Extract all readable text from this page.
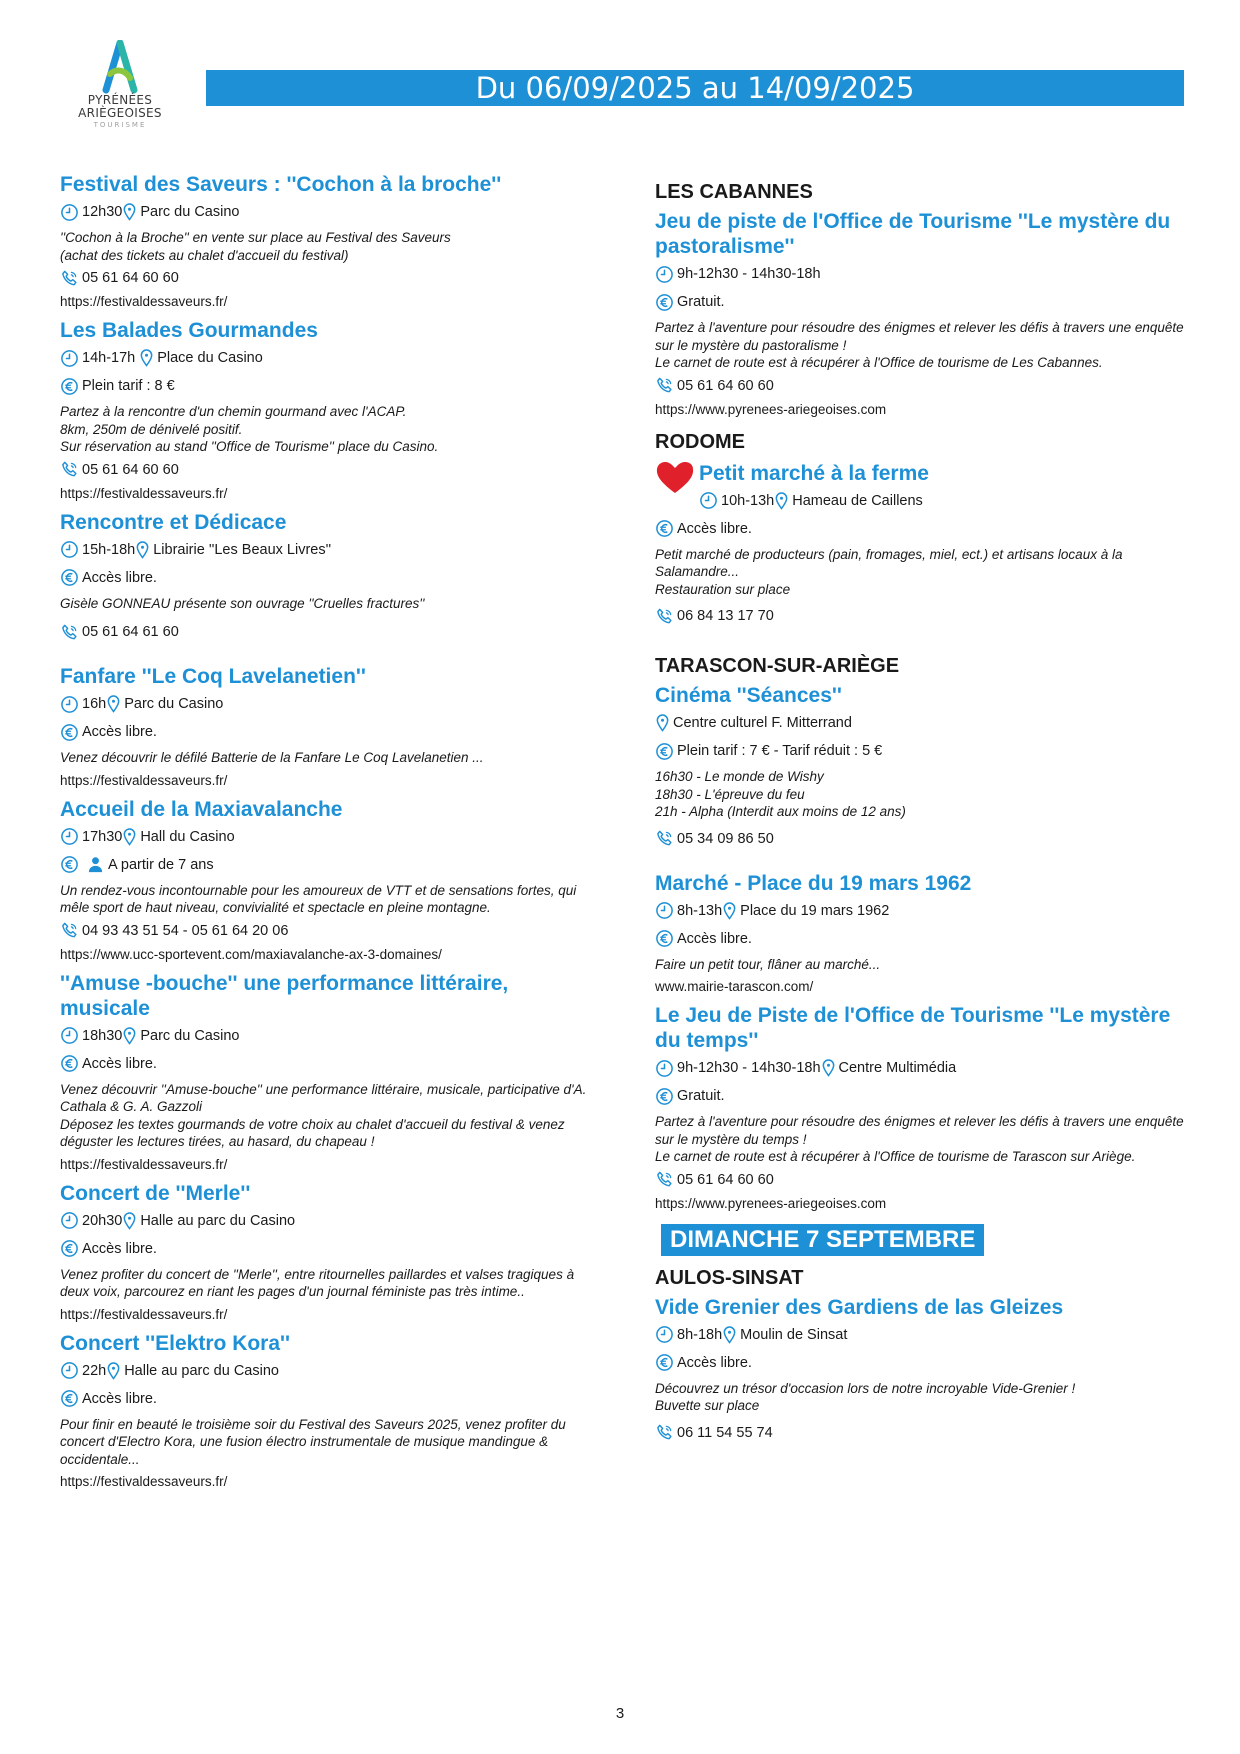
PYRÉNÉES
ARIÈGEOISES
TOURISME
Du 06/09/2025 au 14/09/2025
Festival des Saveurs : ''Cochon à la broche''
12h30 Parc du Casino
''Cochon à la Broche'' en vente sur place au Festival des Saveurs
(achat des tickets au chalet d'accueil du festival)
05 61 64 60 60
https://festivaldessaveurs.fr/
Les Balades Gourmandes
14h-17h Place du Casino
Plein tarif : 8 €
Partez à la rencontre d'un chemin gourmand avec l'ACAP.
8km, 250m de dénivelé positif.
Sur réservation au stand ''Office de Tourisme'' place du Casino.
05 61 64 60 60
https://festivaldessaveurs.fr/
Rencontre et Dédicace
15h-18h Librairie ''Les Beaux Livres''
Accès libre.
Gisèle GONNEAU présente son ouvrage ''Cruelles fractures''
05 61 64 61 60
Fanfare ''Le Coq Lavelanetien''
16h Parc du Casino
Accès libre.
Venez découvrir le défilé Batterie de la Fanfare Le Coq Lavelanetien ...
https://festivaldessaveurs.fr/
Accueil de la Maxiavalanche
17h30 Hall du Casino
A partir de 7 ans
Un rendez-vous incontournable pour les amoureux de VTT et de sensations fortes, qui
mêle sport de haut niveau, convivialité et spectacle en pleine montagne.
04 93 43 51 54 - 05 61 64 20 06
https://www.ucc-sportevent.com/maxiavalanche-ax-3-domaines/
''Amuse -bouche'' une performance littéraire, musicale
18h30 Parc du Casino
Accès libre.
Venez découvrir ''Amuse-bouche'' une performance littéraire, musicale, participative d'A.
Cathala & G. A. Gazzoli
Déposez les textes gourmands de votre choix au chalet d'accueil du festival & venez
déguster les lectures tirées, au hasard, du chapeau !
https://festivaldessaveurs.fr/
Concert de ''Merle''
20h30 Halle au parc du Casino
Accès libre.
Venez profiter du concert de ''Merle'', entre ritournelles paillardes et valses tragiques à
deux voix, parcourez en riant les pages d'un journal féministe pas très intime..
https://festivaldessaveurs.fr/
Concert ''Elektro Kora''
22h Halle au parc du Casino
Accès libre.
Pour finir en beauté le troisième soir du Festival des Saveurs 2025, venez profiter du
concert d'Electro Kora, une fusion électro instrumentale de musique mandingue &
occidentale...
https://festivaldessaveurs.fr/
LES CABANNES
Jeu de piste de l'Office de Tourisme ''Le mystère du pastoralisme''
9h-12h30 - 14h30-18h
Gratuit.
Partez à l'aventure pour résoudre des énigmes et relever les défis à travers une enquête
sur le mystère du pastoralisme !
Le carnet de route est à récupérer à l'Office de tourisme de Les Cabannes.
05 61 64 60 60
https://www.pyrenees-ariegeoises.com
RODOME
Petit marché à la ferme
10h-13h Hameau de Caillens
Accès libre.
Petit marché de producteurs (pain, fromages, miel, ect.) et artisans locaux à la
Salamandre...
Restauration sur place
06 84 13 17 70
TARASCON-SUR-ARIÈGE
Cinéma ''Séances''
Centre culturel F. Mitterrand
Plein tarif : 7 € - Tarif réduit : 5 €
16h30 - Le monde de Wishy
18h30 - L'épreuve du feu
21h - Alpha (Interdit aux moins de 12 ans)
05 34 09 86 50
Marché - Place du 19 mars 1962
8h-13h Place du 19 mars 1962
Accès libre.
Faire un petit tour, flâner au marché...
www.mairie-tarascon.com/
Le Jeu de Piste de l'Office de Tourisme ''Le mystère du temps''
9h-12h30 - 14h30-18h Centre Multimédia
Gratuit.
Partez à l'aventure pour résoudre des énigmes et relever les défis à travers une enquête
sur le mystère du temps !
Le carnet de route est à récupérer à l'Office de tourisme de Tarascon sur Ariège.
05 61 64 60 60
https://www.pyrenees-ariegeoises.com
DIMANCHE 7 SEPTEMBRE
AULOS-SINSAT
Vide Grenier des Gardiens de las Gleizes
8h-18h Moulin de Sinsat
Accès libre.
Découvrez un trésor d'occasion lors de notre incroyable Vide-Grenier !
Buvette sur place
06 11 54 55 74
3
